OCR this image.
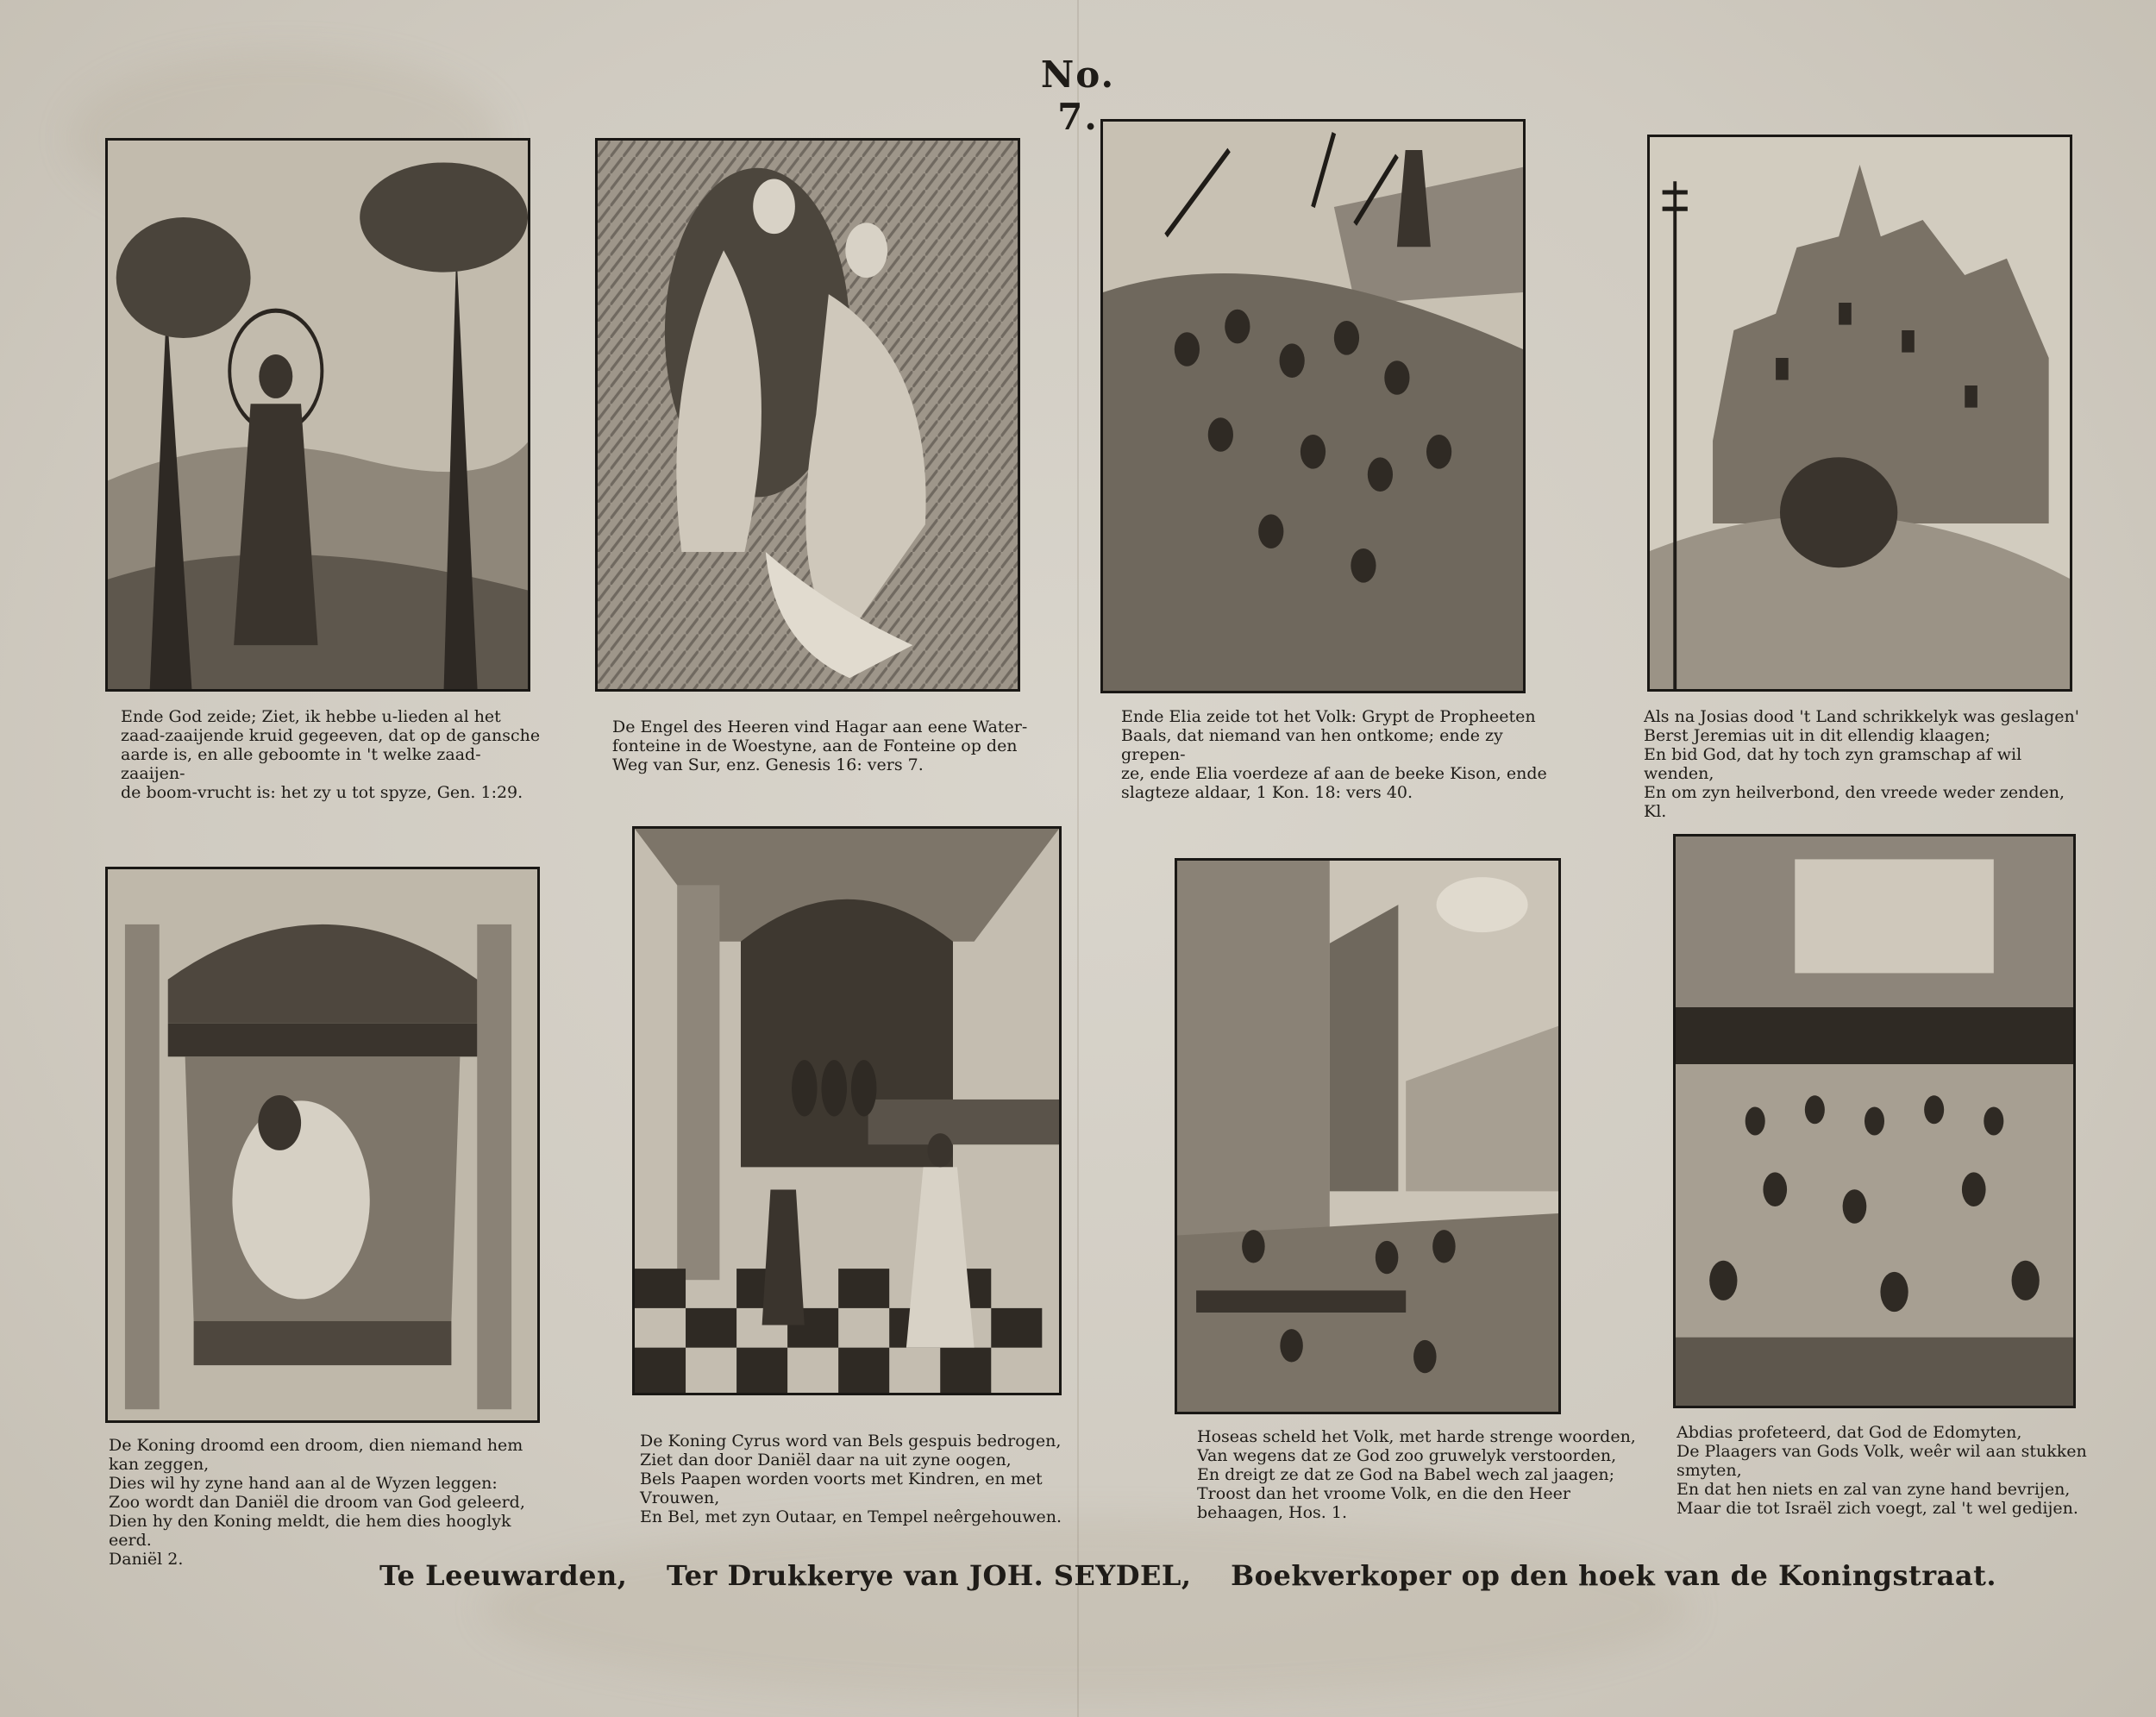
No. 7.
Ende God zeide; Ziet, ik hebbe u-lieden al het
zaad-zaaijende kruid gegeeven, dat op de gansche
aarde is, en alle geboomte in 't welke zaad-zaaijen-
de boom-vrucht is: het zy u tot spyze, Gen. 1:29.
De Engel des Heeren vind Hagar aan eene Water-
fonteine in de Woestyne, aan de Fonteine op den
Weg van Sur, enz. Genesis 16: vers 7.
Ende Elia zeide tot het Volk: Grypt de Propheeten
Baals, dat niemand van hen ontkome; ende zy grepen-
ze, ende Elia voerdeze af aan de beeke Kison, ende
slagteze aldaar, 1 Kon. 18: vers 40.
Als na Josias dood 't Land schrikkelyk was geslagen'
Berst Jeremias uit in dit ellendig klaagen;
En bid God, dat hy toch zyn gramschap af wil wenden,
En om zyn heilverbond, den vreede weder zenden, Kl.
De Koning droomd een droom, dien niemand hem
kan zeggen,
Dies wil hy zyne hand aan al de Wyzen leggen:
Zoo wordt dan Daniël die droom van God geleerd,
Dien hy den Koning meldt, die hem dies hooglyk eerd.
Daniël 2.
De Koning Cyrus word van Bels gespuis bedrogen,
Ziet dan door Daniël daar na uit zyne oogen,
Bels Paapen worden voorts met Kindren, en met
Vrouwen,
En Bel, met zyn Outaar, en Tempel neêrgehouwen.
Hoseas scheld het Volk, met harde strenge woorden,
Van wegens dat ze God zoo gruwelyk verstoorden,
En dreigt ze dat ze God na Babel wech zal jaagen;
Troost dan het vroome Volk, en die den Heer
behaagen, Hos. 1.
Abdias profeteerd, dat God de Edomyten,
De Plaagers van Gods Volk, weêr wil aan stukken
smyten,
En dat hen niets en zal van zyne hand bevrijen,
Maar die tot Israël zich voegt, zal 't wel gedijen.
Te Leeuwarden, Ter Drukkerye van JOH. SEYDEL, Boekverkoper op den hoek van de Koningstraat.
